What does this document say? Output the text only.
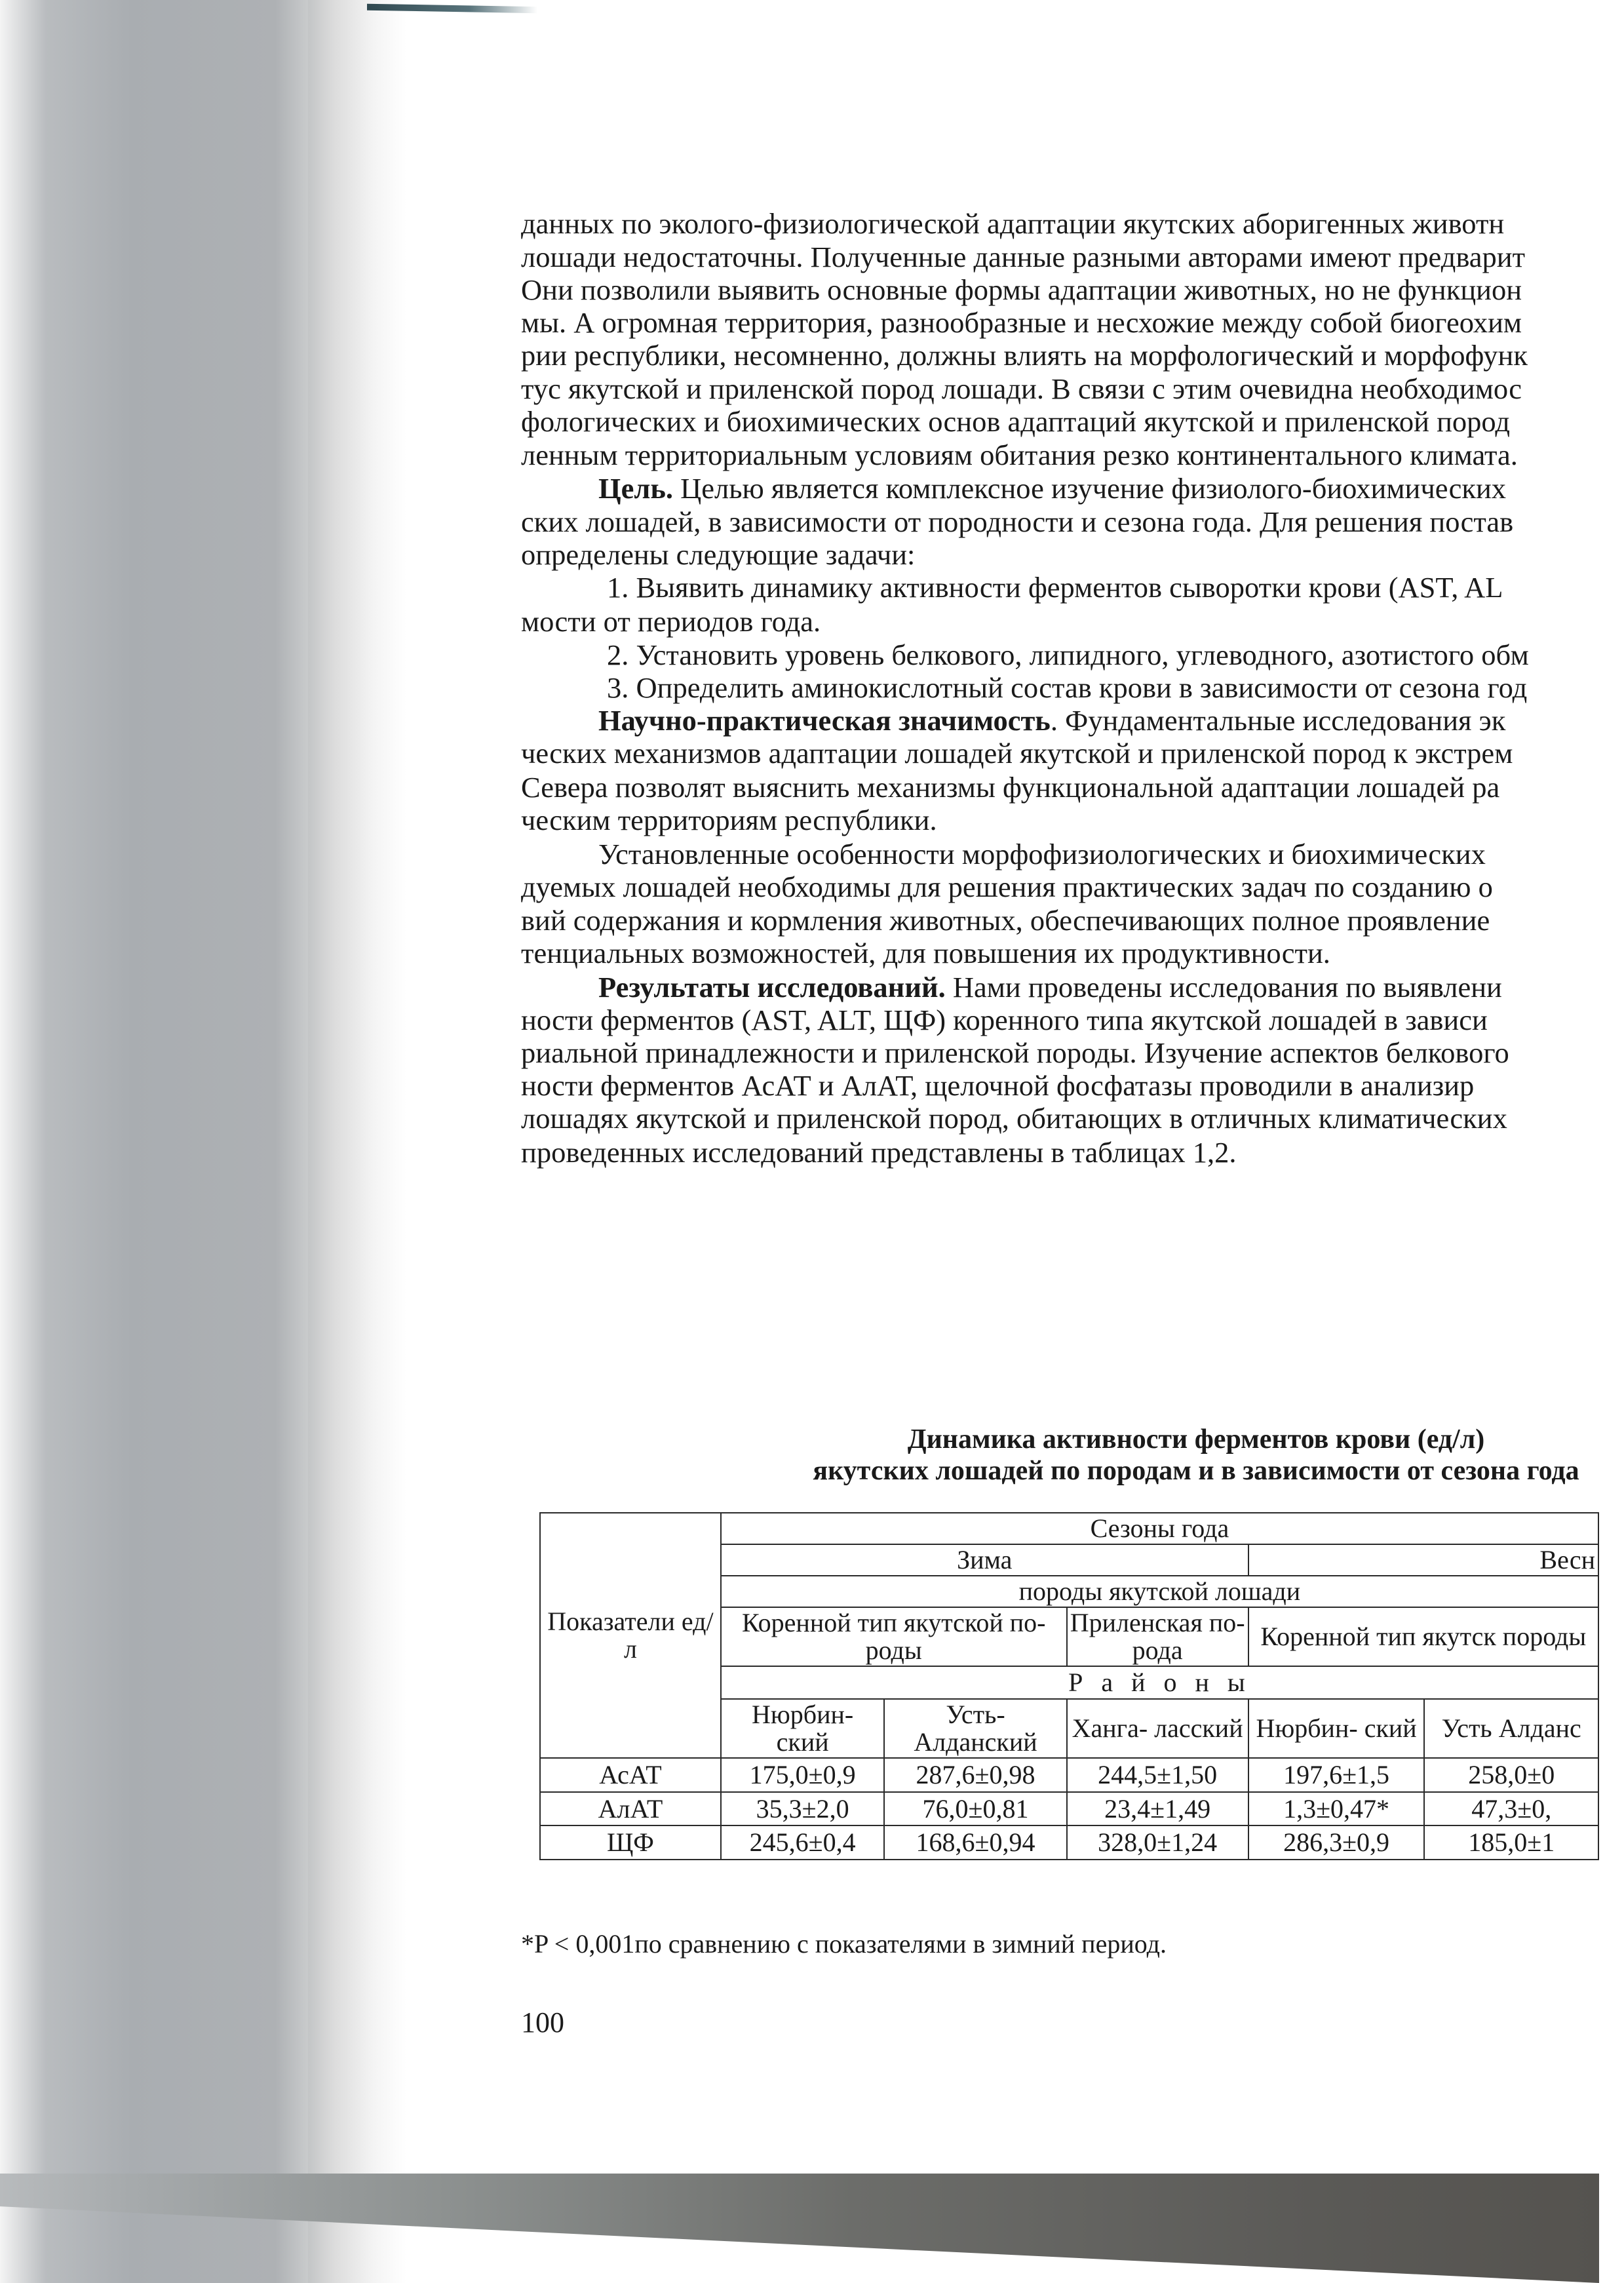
данных по эколого-физиологической адаптации якутских аборигенных животн
лошади недостаточны. Полученные данные разными авторами имеют предварит
Они позволили выявить основные формы адаптации животных, но не функцион
мы. А огромная территория, разнообразные и несхожие между собой биогеохим
рии республики, несомненно, должны влиять на морфологический и морфофунк
тус якутской и приленской пород лошади. В связи с этим очевидна необходимос
фологических и биохимических основ адаптаций якутской и приленской пород
ленным территориальным условиям обитания резко континентального климата.
Цель. Целью является комплексное изучение физиолого-биохимических
ских лошадей, в зависимости от породности и сезона года. Для решения постав
определены следующие задачи:
1. Выявить динамику активности ферментов сыворотки крови (AST, AL
мости от периодов года.
2. Установить уровень белкового, липидного, углеводного, азотистого обм
3. Определить аминокислотный состав крови в зависимости от сезона год
Научно-практическая значимость. Фундаментальные исследования эк
ческих механизмов адаптации лошадей якутской и приленской пород к экстрем
Севера позволят выяснить механизмы функциональной адаптации лошадей ра
ческим территориям республики.
Установленные особенности морфофизиологических и биохимических
дуемых лошадей необходимы для решения практических задач по созданию о
вий содержания и кормления животных, обеспечивающих полное проявление
тенциальных возможностей, для повышения их продуктивности.
Результаты исследований. Нами проведены исследования по выявлени
ности ферментов (AST, ALT, ЩФ) коренного типа якутской лошадей в зависи
риальной принадлежности и приленской породы. Изучение аспектов белкового
ности ферментов АсАТ и АлАТ, щелочной фосфатазы проводили в анализир
лошадях якутской и приленской пород, обитающих в отличных климатических
проведенных исследований представлены в таблицах 1,2.
Динамика активности ферментов крови (ед/л)
якутских лошадей по породам и в зависимости от сезона года
Показатели ед/л	Сезоны года				
	Зима			Весн	
	породы якутской лошади				
	Коренной тип якутской по- роды		Приленская по- рода	Коренной тип якутск породы	
	Р а й о н ы				
	Нюрбин- ский	Усть- Алданский	Ханга- ласский	Нюрбин- ский	Усть Алданс
АсАТ	175,0±0,9	287,6±0,98	244,5±1,50	197,6±1,5	258,0±0
АлАТ	35,3±2,0	76,0±0,81	23,4±1,49	1,3±0,47*	47,3±0,
ЩФ	245,6±0,4	168,6±0,94	328,0±1,24	286,3±0,9	185,0±1
*P < 0,001по сравнению с показателями в зимний период.
100
